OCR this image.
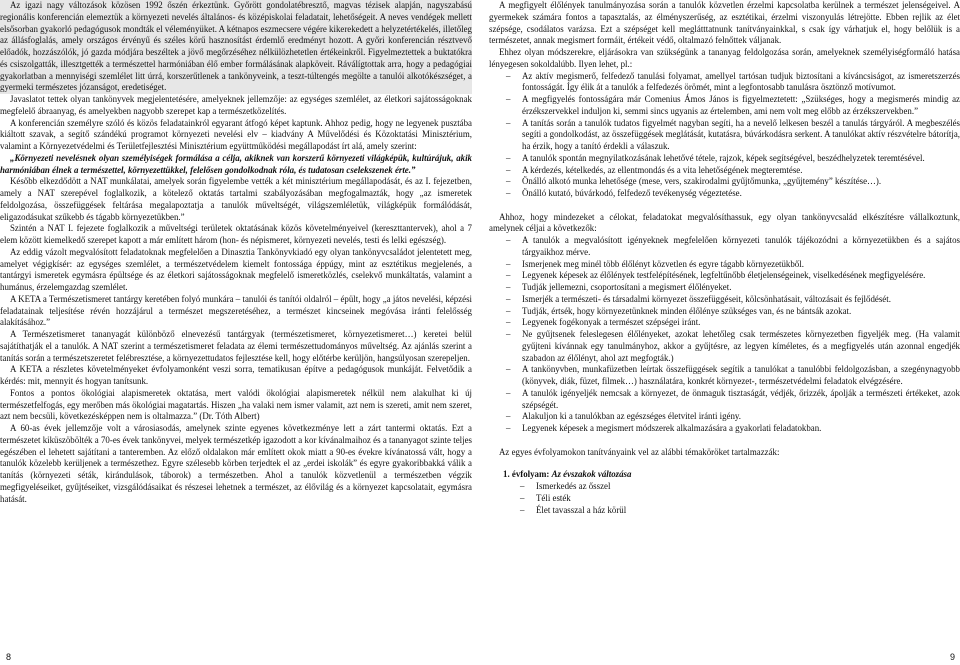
Az igazi nagy változások közösen 1992 őszén érkeztünk. Győrött gondolatébresztő, magvas tézisek alapján, nagyszabású regionális konferencián elemeztük a környezeti nevelés általános- és középiskolai feladatait, lehetőségeit. A neves vendégek mellett elsősorban gyakorló pedagógusok mondták el véleményüket. A kétnapos eszmecsere végére kikerekedett a helyzetértékelés, illetőleg az állásfoglalás, amely országos érvényű és széles körű hasznosítást érdemlő eredményt hozott. A győri konferencián résztvevő előadók, hozzászólók, jó gazda módjára beszéltek a jövő megőrzéséhez nélkülözhetetlen értékeinkről. Figyelmeztettek a buktatókra és csiszolgatták, illesztgették a természettel harmóniában élő ember formálásának alapköveit. Ráválígtottak arra, hogy a pedagógiai gyakorlatban a mennyiségi szemlélet litt úrrá, korszerűtlenek a tankönyveink, a teszt-túltengés megölte a tanulói alkotókészséget, a gyermeki természetes józanságot, eredetiséget.

Javaslatot tettek olyan tankönyvek megjelentetésére, amelyeknek jellemzője: az egységes szemlélet, az életkori sajátosságoknak megfelelő ábraanyag, és amelyekben nagyobb szerepet kap a természetközelítés.

A konferencián személyre szóló és közös feladatainkról egyarant átfogó képet kaptunk. Ahhoz pedig, hogy ne legyenek pusztába kiáltott szavak, a segítő szándékú programot környezeti nevelési elv – kiadvány A Művelődési és Közoktatási Minisztérium, valamint a Környezetvédelmi és Területfejlesztési Minisztérium együttműködési megállapodást írt alá, amely szerint:

„Környezeti nevelésnek olyan személyiségek formálása a célja, akiknek van korszerű környezeti világképük, kultúrájuk, akik harmóniában élnek a természettel, környezettükkel, felelősen gondolkodnak róla, és tudatosan cselekszenek érte.”

Később elkezdődött a NAT munkálatai, amelyek során figyelembe vették a két minisztérium megállapodását, és az I. fejezetben, amely a NAT szerepével foglalkozik, a kötelező oktatás tartalmi szabályozásában megfogalmazták, hogy „az ismeretek feldolgozása, összefüggések feltárása megalapoztatja a tanulók műveltségét, világszemléletük, világképük formálódását, eligazodásukat szűkebb és tágabb környezetükben.”

Szintén a NAT I. fejezete foglalkozik a műveltségi területek oktatásának közös követelményeivel (kereszttantervek), ahol a 7 elem között kiemelkedő szerepet kapott a már említett három (hon- és népismeret, környezeti nevelés, testi és lelki egészség).

Az eddig vázolt megvalósított feladatoknak megfelelően a Dinasztia Tankönyvkiadó egy olyan tankönyvcsaládot jelentetett meg, amelyet végigkísér: az egységes szemlélet, a természetvédelem kiemelt fontossága éppúgy, mint az esztétikus megjelenés, a tantárgyi ismeretek egymásra épültsége és az életkori sajátosságoknak megfelelő ismeretközlés, cselekvő munkáltatás, valamint a humánus, érzelemgazdag szemlélet.

A KETA a Természetismeret tantárgy keretében folyó munkára – tanulói és tanítói oldalról – épült, hogy „a játos nevelési, képzési feladatainak teljesítése révén hozzájárul a természet megszeretéséhez, a természet kincseinek megóvása iránti felelősség alakításához.”

A Természetismeret tananyagát különböző elnevezésű tantárgyak (természetismeret, környezetismeret…) keretei belül sajátíthatják el a tanulók. A NAT szerint a természetismeret feladata az élemi természettudományos műveltség. Az ajánlás szerint a tanítás során a természetszeretet felébresztése, a környezettudatos fejlesztése kell, hogy előtérbe kerüljön, hangsúlyosan szerepeljen.

A KETA a részletes követelményeket évfolyamonként veszi sorra, tematikusan építve a pedagógusok munkáját. Felvetődik a kérdés: mit, mennyit és hogyan tanítsunk.

Fontos a pontos ökológiai alapismeretek oktatása, mert valódi ökológiai alapismeretek nélkül nem alakulhat ki új természetfelfogás, egy merőben más ökológiai magatartás. Hiszen „ha valaki nem ismer valamit, azt nem is szereti, amit nem szeret, azt nem becsüli, következésképpen nem is oltalmazza.” (Dr. Tóth Albert)

A 60-as évek jellemzője volt a városiasodás, amelynek szinte egyenes következménye lett a zárt tantermi oktatás. Ezt a természetet kiküszöbölték a 70-es évek tankönyvei, melyek természetkép igazodott a kor kívánalmaihoz és a tananyagot szinte teljes egészében el lehetett sajátítani a tanteremben. Az előző oldalakon már említett okok miatt a 90-es évekre kívánatossá vált, hogy a tanulók közelebb kerüljenek a természethez. Egyre szélesebb körben terjedtek el az „erdei iskolák” és egyre gyakoribbakká válik a tanítás (környezeti séták, kirándulások, táborok) a természetben. Ahol a tanulók közvetlenül a természetben végzik megfigyeléseiket, gyűjtéseiket, vizsgálódásaikat és részesei lehetnek a természet, az élővilág és a környezet kapcsolatait, egymásra hatását.

A megfigyelt élőlények tanulmányozása során a tanulók közvetlen érzelmi kapcsolatba kerülnek a természet jelenségeivel. A gyermekek számára fontos a tapasztalás, az élményszerűség, az esztétikai, érzelmi viszonyulás létrejötte. Ebben rejlik az élet szépsége, csodálatos varázsa. Ezt a szépséget kell meglátttatnunk tanítványainkkal, s csak így várhatjuk el, hogy belőlük is a természetet, annak megismert formáit, értékeit védő, oltalmazó felnőttek váljanak.

Ehhez olyan módszerekre, eljárásokra van szükségünk a tananyag feldolgozása során, amelyeknek személyiségformáló hatása lényegesen sokoldalúbb. Ilyen lehet, pl.:

– Az aktív megismerő, felfedező tanulási folyamat, amellyel tartósan tudjuk biztosítani a kíváncsiságot, az ismeretszerzés fontosságát. Így élik át a tanulók a felfedezés örömét, mint a legfontosabb tanulásra ösztönző motívumot.
– A megfigyelés fontosságára már Comenius Ámos János is figyelmeztetett: „Szükséges, hogy a megismerés mindig az érzékszervekkel induljon ki, semmi sincs ugyanis az értelemben, ami nem volt meg előbb az érzékszervekben.”
– A tanítás során a tanulók tudatos figyelmét nagyban segíti, ha a nevelő lelkesen beszél a tanulás tárgyáról. A megbeszélés segíti a gondolkodást, az összefüggések meglátását, kutatásra, búvárkodásra serkent. A tanulókat aktív részvételre bátorítja, ha érzik, hogy a tanító érdekli a válaszuk.
– A tanulók spontán megnyilatkozásának lehetővé tétele, rajzok, képek segítségével, beszédhelyzetek teremtésével.
– A kérdezés, kételkedés, az ellentmondás és a vita lehetőségének megteremtése.
– Önálló alkotó munka lehetősége (mese, vers, szakirodalmi gyűjtőmunka, „gyűjtemény” készítése…).
– Önálló kutató, búvárkodó, felfedező tevékenység végeztetése.

Ahhoz, hogy mindezeket a célokat, feladatokat megvalósíthassuk, egy olyan tankönyvcsalád elkészítésre vállalkoztunk, amelynek céljai a következők:

– A tanulók a megvalósított igényeknek megfelelően környezeti tanulók tájékozódni a környezetükben és a sajátos tárgyaikhoz mérve.
– Ismerjenek meg minél több élőlényt közvetlen és egyre tágabb környezetükből.
– Legyenek képesek az élőlények testfelépítésének, legfeltűnőbb életjelenségeinek, viselkedésének megfigyelésére.
– Tudják jellemezni, csoportosítani a megismert élőlényeket.
– Ismerjék a természeti- és társadalmi környezet összefüggéseit, kölcsönhatásait, változásait és fejlődését.
– Tudják, értsék, hogy környezetünknek minden élőlénye szükséges van, és ne bántsák azokat.
– Legyenek fogékonyak a természet szépségei iránt.
– Ne gyűjtsenek feleslegesen élőlényeket, azokat lehetőleg csak természetes környezetben figyeljék meg. (Ha valamit gyűjteni kívánnak egy tanulmányhoz, akkor a gyűjtésre, az legyen kíméletes, és a megfigyelés után azonnal engedjék szabadon az élőlényt, ahol azt megfogták.)
– A tankönyvben, munkafüzetben leírtak összefüggések segítik a tanulókat a tanulóbbi feldolgozásban, a szegénynagyobb (könyvek, diák, füzet, filmek…) használatára, konkrét környezet-, természetvédelmi feladatok elvégzésére.
– A tanulók igényeljék nemcsak a környezet, de önmaguk tisztaságát, védjék, őrizzék, ápolják a természeti értékeket, azok szépségét.
– Alakuljon ki a tanulókban az egészséges életvitel iránti igény.
– Legyenek képesek a megismert módszerek alkalmazására a gyakorlati feladatokban.

Az egyes évfolyamokon tanítványaink vel az alábbi témaköröket tartalmazzák:

1. évfolyam: Az évszakok változása
– Ismerkedés az ősszel
– Téli esték
– Élet tavasszal a ház körül
8	9
